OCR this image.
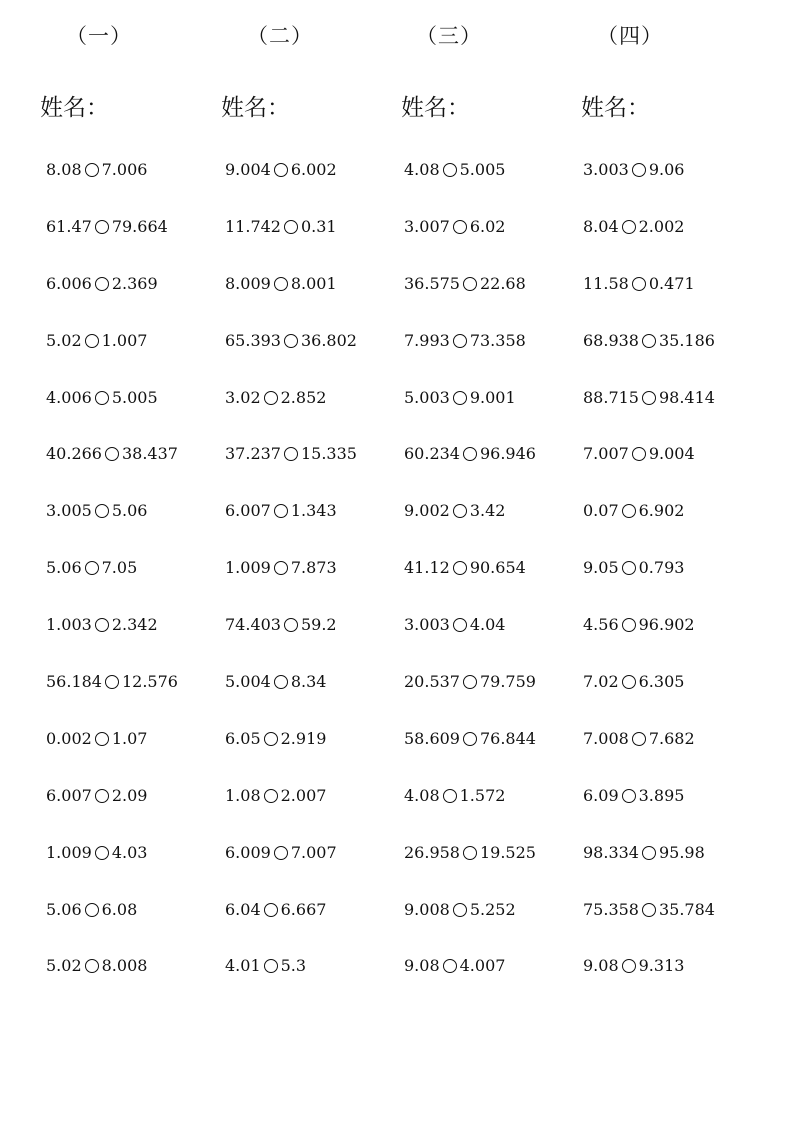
（一）
姓名：
8.08 7.006
61.47 79.664
6.006 2.369
5.02 1.007
4.006 5.005
40.266 38.437
3.005 5.06
5.06 7.05
1.003 2.342
56.184 12.576
0.002 1.07
6.007 2.09
1.009 4.03
5.06 6.08
5.02 8.008
（二）
姓名：
9.004 6.002
11.742 0.31
8.009 8.001
65.393 36.802
3.02 2.852
37.237 15.335
6.007 1.343
1.009 7.873
74.403 59.2
5.004 8.34
6.05 2.919
1.08 2.007
6.009 7.007
6.04 6.667
4.01 5.3
（三）
姓名：
4.08 5.005
3.007 6.02
36.575 22.68
7.993 73.358
5.003 9.001
60.234 96.946
9.002 3.42
41.12 90.654
3.003 4.04
20.537 79.759
58.609 76.844
4.08 1.572
26.958 19.525
9.008 5.252
9.08 4.007
（四）
姓名：
3.003 9.06
8.04 2.002
11.58 0.471
68.938 35.186
88.715 98.414
7.007 9.004
0.07 6.902
9.05 0.793
4.56 96.902
7.02 6.305
7.008 7.682
6.09 3.895
98.334 95.98
75.358 35.784
9.08 9.313
